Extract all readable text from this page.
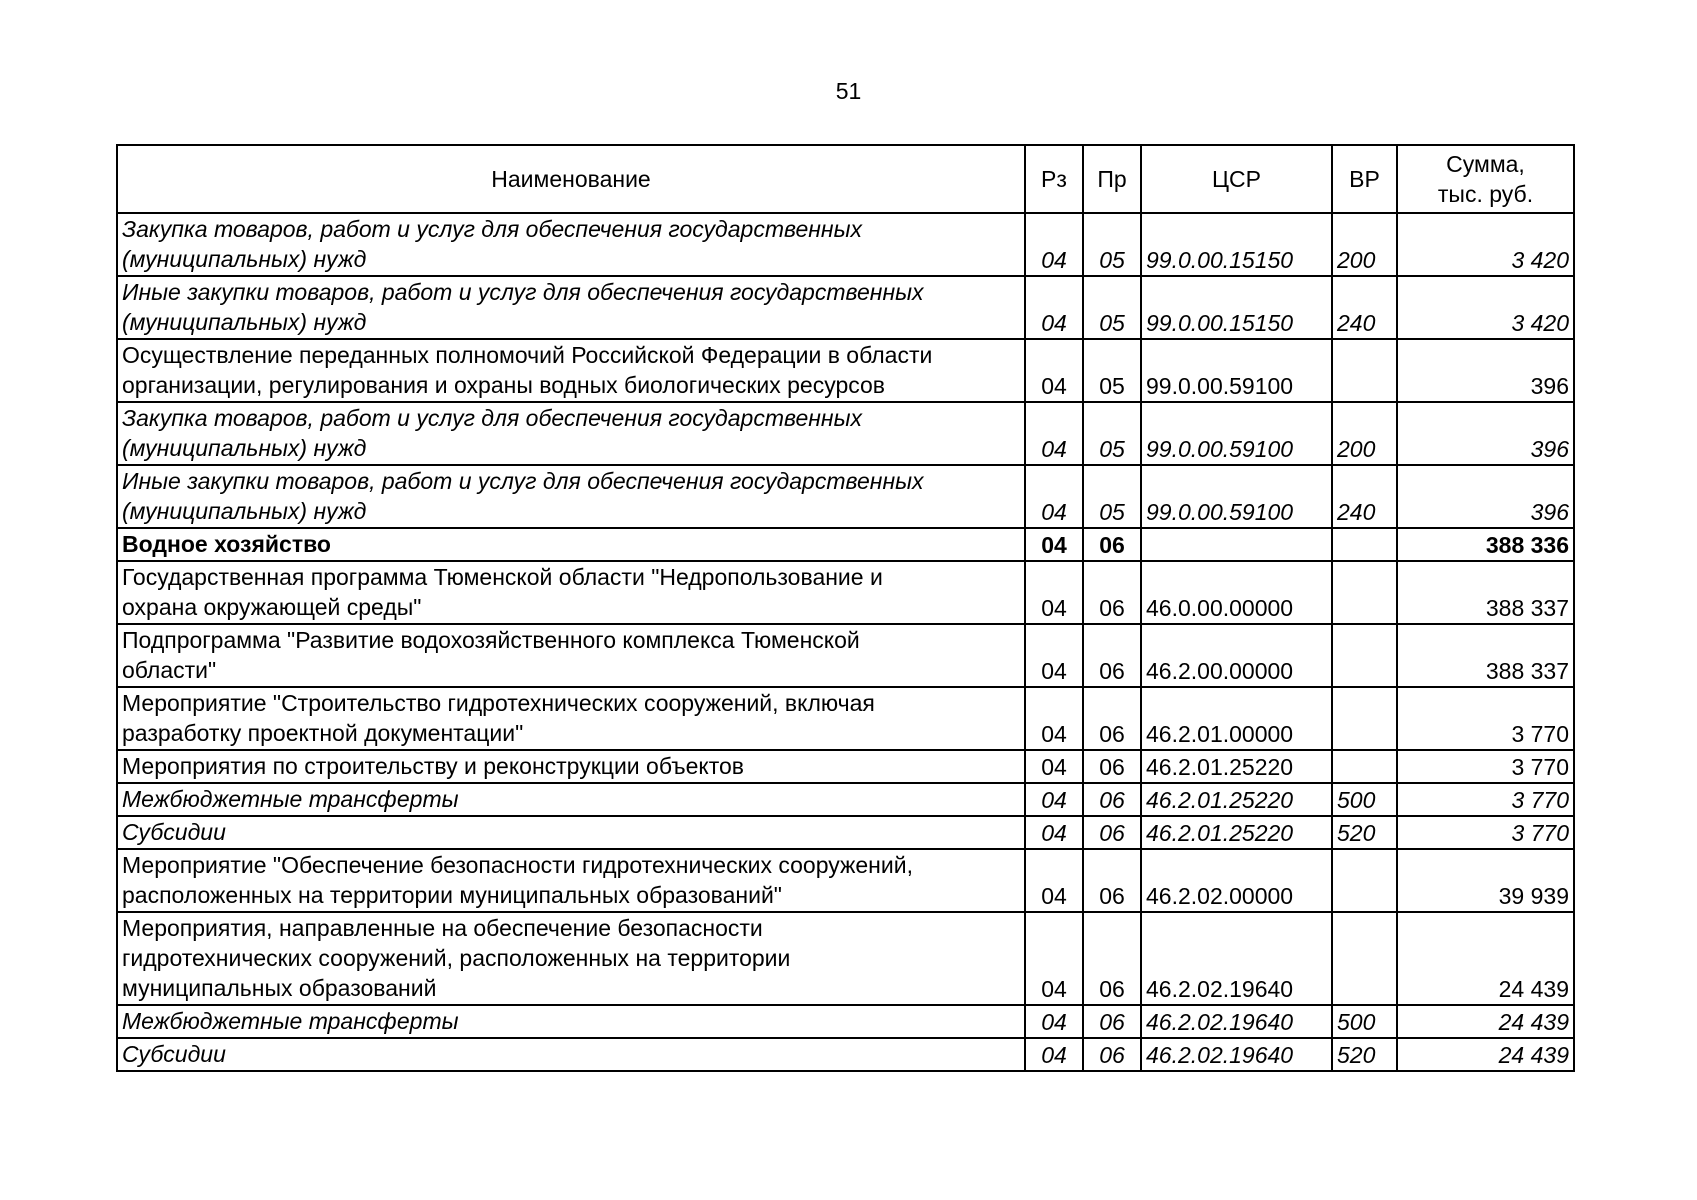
51
Наименование	Рз	Пр	ЦСР	ВР	Сумма,
тыс. руб.
Закупка товаров, работ и услуг для обеспечения государственных
(муниципальных) нужд	04	05	99.0.00.15150	200	3 420
Иные закупки товаров, работ и услуг для обеспечения государственных
(муниципальных) нужд	04	05	99.0.00.15150	240	3 420
Осуществление переданных полномочий Российской Федерации в области
организации, регулирования и охраны водных биологических ресурсов	04	05	99.0.00.59100		396
Закупка товаров, работ и услуг для обеспечения государственных
(муниципальных) нужд	04	05	99.0.00.59100	200	396
Иные закупки товаров, работ и услуг для обеспечения государственных
(муниципальных) нужд	04	05	99.0.00.59100	240	396
Водное хозяйство	04	06			388 336
Государственная программа Тюменской области "Недропользование и
охрана окружающей среды"	04	06	46.0.00.00000		388 337
Подпрограмма "Развитие водохозяйственного комплекса Тюменской
области"	04	06	46.2.00.00000		388 337
Мероприятие "Строительство гидротехнических сооружений, включая
разработку проектной документации"	04	06	46.2.01.00000		3 770
Мероприятия по строительству и реконструкции объектов	04	06	46.2.01.25220		3 770
Межбюджетные трансферты	04	06	46.2.01.25220	500	3 770
Субсидии	04	06	46.2.01.25220	520	3 770
Мероприятие "Обеспечение безопасности гидротехнических сооружений,
расположенных на территории муниципальных образований"	04	06	46.2.02.00000		39 939
Мероприятия, направленные на обеспечение безопасности
гидротехнических сооружений, расположенных на территории
муниципальных образований	04	06	46.2.02.19640		24 439
Межбюджетные трансферты	04	06	46.2.02.19640	500	24 439
Субсидии	04	06	46.2.02.19640	520	24 439
